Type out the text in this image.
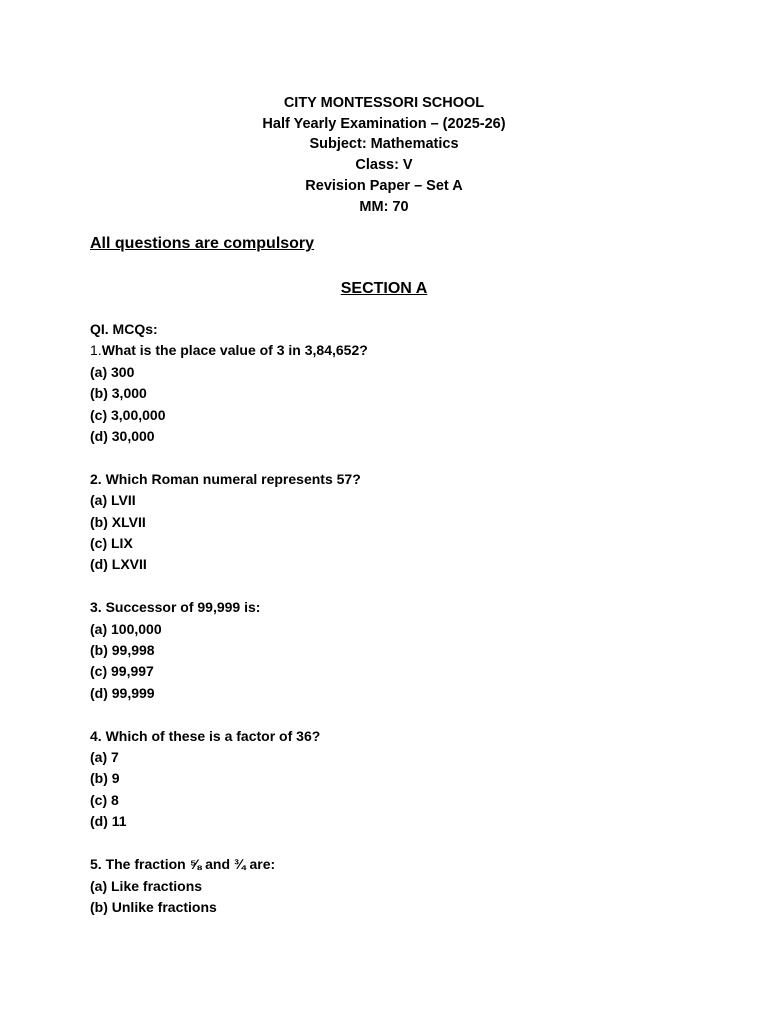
CITY MONTESSORI SCHOOL
Half Yearly Examination – (2025-26)
Subject: Mathematics
Class: V
Revision Paper – Set A
MM: 70
All questions are compulsory
SECTION A
QI. MCQs:
1.What is the place value of 3 in 3,84,652?
(a) 300
(b) 3,000
(c) 3,00,000
(d) 30,000
2. Which Roman numeral represents 57?
(a) LVII
(b) XLVII
(c) LIX
(d) LXVII
3. Successor of 99,999 is:
(a) 100,000
(b) 99,998
(c) 99,997
(d) 99,999
4. Which of these is a factor of 36?
(a) 7
(b) 9
(c) 8
(d) 11
5. The fraction ⅝ and ¾ are:
(a) Like fractions
(b) Unlike fractions
